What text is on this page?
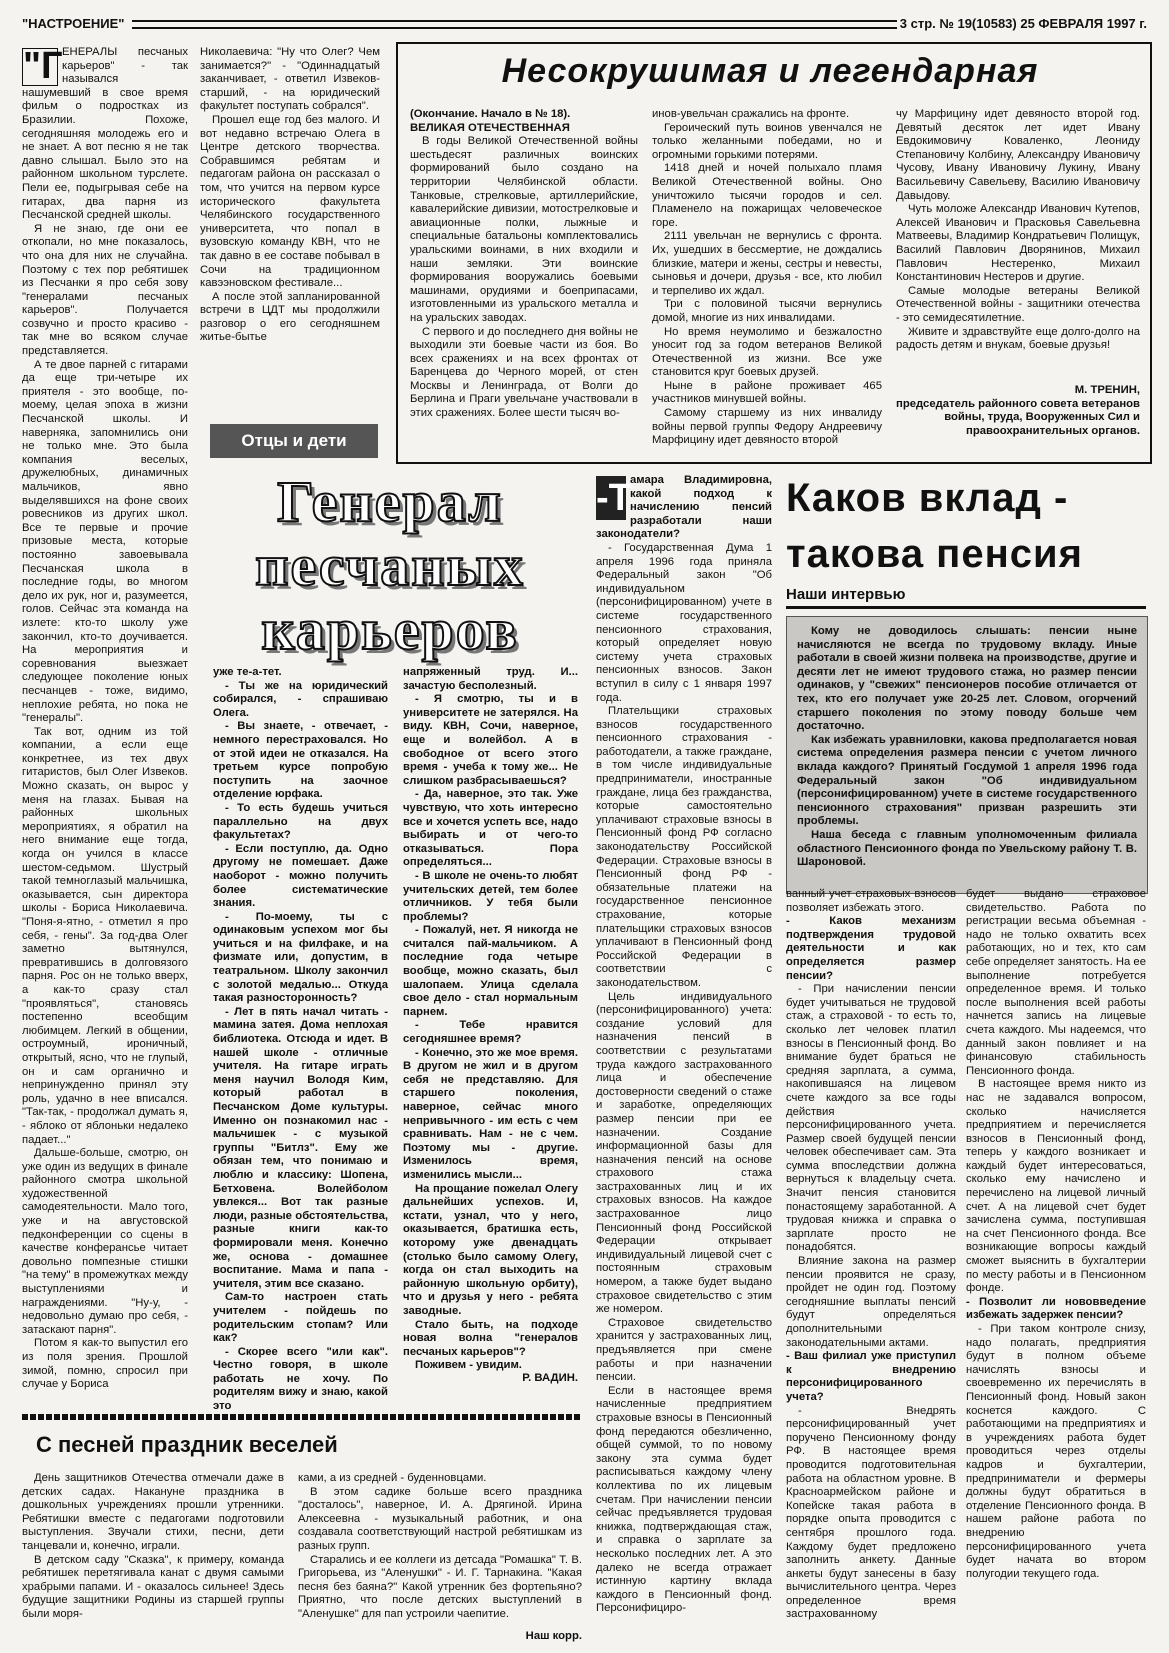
"НАСТРОЕНИЕ"	3 стр. № 19(10583) 25 ФЕВРАЛЯ 1997 г.

"Г ЕНЕРАЛЫ песчаных карьеров" - так назывался нашумевший в свое время фильм о подростках из Бразилии. Похоже, сегодняшняя молодежь его и не знает. А вот песню я не так давно слышал. Было это на районном школьном турслете. Пели ее, подыгрывая себе на гитарах, два парня из Песчанской средней школы.

Я не знаю, где они ее откопали, но мне показалось, что она для них не случайна. Поэтому с тех пор ребятишек из Песчанки я про себя зову "генералами песчаных карьеров". Получается созвучно и просто красиво - так мне во всяком случае представляется.

А те двое парней с гитарами да еще три-четыре их приятеля - это вообще, по-моему, целая эпоха в жизни Песчанской школы. И наверняка, запомнились они не только мне. Это была компания веселых, дружелюбных, динамичных мальчиков, явно выделявшихся на фоне своих ровесников из других школ. Все те первые и прочие призовые места, которые постоянно завоевывала Песчанская школа в последние годы, во многом дело их рук, ног и, разумеется, голов. Сейчас эта команда на излете: кто-то школу уже закончил, кто-то доучивается. На мероприятия и соревнования выезжает следующее поколение юных песчанцев - тоже, видимо, неплохие ребята, но пока не "генералы".

Так вот, одним из той компании, а если еще конкретнее, из тех двух гитаристов, был Олег Извеков. Можно сказать, он вырос у меня на глазах. Бывая на районных школьных мероприятиях, я обратил на него внимание еще тогда, когда он учился в классе шестом-седьмом. Шустрый такой темноглазый мальчишка, оказывается, сын директора школы - Бориса Николаевича. "Поня-я-ятно, - отметил я про себя, - гены". За год-два Олег заметно вытянулся, превратившись в долговязого парня. Рос он не только вверх, а как-то сразу стал "проявляться", становясь постепенно всеобщим любимцем. Легкий в общении, остроумный, ироничный, открытый, ясно, что не глупый, он и сам органично и непринужденно принял эту роль, удачно в нее вписался. "Так-так, - продолжал думать я, - яблоко от яблоньки недалеко падает..."

Дальше-больше, смотрю, он уже один из ведущих в финале районного смотра школьной художественной самодеятельности. Мало того, уже и на августовской педконференции со сцены в качестве конферансье читает довольно помпезные стишки "на тему" в промежутках между выступлениями и награждениями. "Ну-у, - недовольно думаю про себя, - затаскают парня".

Потом я как-то выпустил его из поля зрения. Прошлой зимой, помню, спросил при случае у Бориса

Николаевича: "Ну что Олег? Чем занимается?" - "Одиннадцатый заканчивает, - ответил Извеков-старший, - на юридический факультет поступать собрался".

Прошел еще год без малого. И вот недавно встречаю Олега в Центре детского творчества. Собравшимся ребятам и педагогам района он рассказал о том, что учится на первом курсе исторического факультета Челябинского государственного университета, что попал в вузовскую команду КВН, что не так давно в ее составе побывал в Сочи на традиционном кавээновском фестивале...

А после этой запланированной встречи в ЦДТ мы продолжили разговор о его сегодняшнем житье-бытье

Отцы и дети
Генерал
песчаных
карьеров

уже те-а-тет.

- Ты же на юридический собирался, - спрашиваю Олега.

- Вы знаете, - отвечает, - немного перестраховался. Но от этой идеи не отказался. На третьем курсе попробую поступить на заочное отделение юрфака.

- То есть будешь учиться параллельно на двух факультетах?

- Если поступлю, да. Одно другому не помешает. Даже наоборот - можно получить более систематические знания.

- По-моему, ты с одинаковым успехом мог бы учиться и на филфаке, и на физмате или, допустим, в театральном. Школу закончил с золотой медалью... Откуда такая разносторонность?

- Лет в пять начал читать - мамина затея. Дома неплохая библиотека. Отсюда и идет. В нашей школе - отличные учителя. На гитаре играть меня научил Володя Ким, который работал в Песчанском Доме культуры. Именно он познакомил нас - мальчишек - с музыкой группы "Битлз". Ему же обязан тем, что понимаю и люблю и классику: Шопена, Бетховена. Волейболом увлекся... Вот так разные люди, разные обстоятельства, разные книги как-то формировали меня. Конечно же, основа - домашнее воспитание. Мама и папа - учителя, этим все сказано.

Сам-то настроен стать учителем - пойдешь по родительским стопам? Или как?

- Скорее всего "или как". Честно говоря, в школе работать не хочу. По родителям вижу и знаю, какой это

напряженный труд. И... зачастую бесполезный.

- Я смотрю, ты и в университете не затерялся. На виду. КВН, Сочи, наверное, еще и волейбол. А в свободное от всего этого время - учеба к тому же... Не слишком разбрасываешься?

- Да, наверное, это так. Уже чувствую, что хоть интересно все и хочется успеть все, надо выбирать и от чего-то отказываться. Пора определяться...

- В школе не очень-то любят учительских детей, тем более отличников. У тебя были проблемы?

- Пожалуй, нет. Я никогда не считался пай-мальчиком. А последние года четыре вообще, можно сказать, был шалопаем. Улица сделала свое дело - стал нормальным парнем.

- Тебе нравится сегодняшнее время?

- Конечно, это же мое время. В другом не жил и в другом себя не представляю. Для старшего поколения, наверное, сейчас много непривычного - им есть с чем сравнивать. Нам - не с чем. Поэтому мы - другие. Изменилось время, изменились мысли...

На прощание пожелал Олегу дальнейших успехов. И, кстати, узнал, что у него, оказывается, братишка есть, которому уже двенадцать (столько было самому Олегу, когда он стал выходить на районную школьную орбиту), что и друзья у него - ребята заводные.

Стало быть, на подходе новая волна "генералов песчаных карьеров"?

Поживем - увидим.

Р. ВАДИН.
Несокрушимая и легендарная

(Окончание. Начало в № 18).

ВЕЛИКАЯ ОТЕЧЕСТВЕННАЯ

В годы Великой Отечественной войны шестьдесят различных воинских формирований было создано на территории Челябинской области. Танковые, стрелковые, артиллерийские, кавалерийские дивизии, мотострелковые и авиационные полки, лыжные и специальные батальоны комплектовались уральскими воинами, в них входили и наши земляки. Эти воинские формирования вооружались боевыми машинами, орудиями и боеприпасами, изготовленными из уральского металла и на уральских заводах.

С первого и до последнего дня войны не выходили эти боевые части из боя. Во всех сражениях и на всех фронтах от Баренцева до Черного морей, от стен Москвы и Ленинграда, от Волги до Берлина и Праги увельчане участвовали в этих сражениях. Более шести тысяч во-

инов-увельчан сражались на фронте.

Героический путь воинов увенчался не только желанными победами, но и огромными горькими потерями.

1418 дней и ночей полыхало пламя Великой Отечественной войны. Оно уничтожило тысячи городов и сел. Пламенело на пожарищах человеческое горе.

2111 увельчан не вернулись с фронта. Их, ушедших в бессмертие, не дождались близкие, матери и жены, сестры и невесты, сыновья и дочери, друзья - все, кто любил и терпеливо их ждал.

Три с половиной тысячи вернулись домой, многие из них инвалидами.

Но время неумолимо и безжалостно уносит год за годом ветеранов Великой Отечественной из жизни. Все уже становится круг боевых друзей.

Ныне в районе проживает 465 участников минувшей войны.

Самому старшему из них инвалиду войны первой группы Федору Андреевичу Марфицину идет девяносто второй

чу Марфицину идет девяносто второй год. Девятый десяток лет идет Ивану Евдокимовичу Коваленко, Леониду Степановичу Колбину, Александру Ивановичу Чусову, Ивану Ивановичу Лукину, Ивану Васильевичу Савельеву, Василию Ивановичу Давыдову.

Чуть моложе Александр Иванович Кутепов, Алексей Иванович и Прасковья Савельевна Матвеевы, Владимир Кондратьевич Полищук, Василий Павлович Дворянинов, Михаил Павлович Нестеренко, Михаил Константинович Нестеров и другие.

Самые молодые ветераны Великой Отечественной войны - защитники отечества - это семидесятилетние.

Живите и здравствуйте еще долго-долго на радость детям и внукам, боевые друзья!

М. ТРЕНИН,
председатель районного совета ветеранов войны, труда, Вооруженных Сил и правоохранительных органов.
Каков вклад -
такова пенсия
Наши интервью

Кому не доводилось слышать: пенсии ныне начисляются не всегда по трудовому вкладу. Иные работали в своей жизни полвека на производстве, другие и десяти лет не имеют трудового стажа, но размер пенсии одинаков, у "свежих" пенсионеров пособие отличается от тех, кто его получает уже 20-25 лет. Словом, огорчений старшего поколения по этому поводу больше чем достаточно.

Как избежать уравниловки, какова предполагается новая система определения размера пенсии с учетом личного вклада каждого? Принятый Госдумой 1 апреля 1996 года Федеральный закон "Об индивидуальном (персонифицированном) учете в системе государственного пенсионного страхования" призван разрешить эти проблемы.

Наша беседа с главным уполномоченным филиала областного Пенсионного фонда по Увельскому району Т. В. Шароновой.

-Т
амара Владимировна, какой подход к начислению пенсий разработали наши законодатели?

- Государственная Дума 1 апреля 1996 года приняла Федеральный закон "Об индивидуальном (персонифицированном) учете в системе государственного пенсионного страхования, который определяет новую систему учета страховых пенсионных взносов. Закон вступил в силу с 1 января 1997 года.

Плательщики страховых взносов государственного пенсионного страхования - работодатели, а также граждане, в том числе индивидуальные предприниматели, иностранные граждане, лица без гражданства, которые самостоятельно уплачивают страховые взносы в Пенсионный фонд РФ согласно законодательству Российской Федерации. Страховые взносы в Пенсионный фонд РФ - обязательные платежи на государственное пенсионное страхование, которые плательщики страховых взносов уплачивают в Пенсионный фонд Российской Федерации в соответствии с законодательством.

Цель индивидуального (персонифицированного) учета: создание условий для назначения пенсий в соответствии с результатами труда каждого застрахованного лица и обеспечение достоверности сведений о стаже и заработке, определяющих размер пенсии при ее назначении. Создание информационной базы для назначения пенсий на основе страхового стажа застрахованных лиц и их страховых взносов. На каждое застрахованное лицо Пенсионный фонд Российской Федерации открывает индивидуальный лицевой счет с постоянным страховым номером, а также будет выдано страховое свидетельство с этим же номером.

Страховое свидетельство хранится у застрахованных лиц, предъявляется при смене работы и при назначении пенсии.

Если в настоящее время начисленные предприятием страховые взносы в Пенсионный фонд передаются обезличенно, общей суммой, то по новому закону эта сумма будет расписываться каждому члену коллектива по их лицевым счетам. При начислении пенсии сейчас предъявляется трудовая книжка, подтверждающая стаж, и справка о зарплате за несколько последних лет. А это далеко не всегда отражает истинную картину вклада каждого в Пенсионный фонд. Персонифициро-

ванный учет страховых взносов позволяет избежать этого.

- Каков механизм подтверждения трудовой деятельности и как определяется размер пенсии?

- При начислении пенсии будет учитываться не трудовой стаж, а страховой - то есть то, сколько лет человек платил взносы в Пенсионный фонд. Во внимание будет браться не средняя зарплата, а сумма, накопившаяся на лицевом счете каждого за все годы действия персонифицированного учета. Размер своей будущей пенсии человек обеспечивает сам. Эта сумма впоследствии должна вернуться к владельцу счета. Значит пенсия становится понастоящему заработанной. А трудовая книжка и справка о зарплате просто не понадобятся.

Влияние закона на размер пенсии проявится не сразу, пройдет не один год. Поэтому сегодняшние выплаты пенсий будут определяться дополнительными законодательными актами.

- Ваш филиал уже приступил к внедрению персонифицированного учета?

- Внедрять персонифицированный учет поручено Пенсионному фонду РФ. В настоящее время проводится подготовительная работа на областном уровне. В Красноармейском районе и Копейске такая работа в порядке опыта проводится с сентября прошлого года. Каждому будет предложено заполнить анкету. Данные анкеты будут занесены в базу вычислительного центра. Через определенное время застрахованному

будет выдано страховое свидетельство. Работа по регистрации весьма объемная - надо не только охватить всех работающих, но и тех, кто сам себе определяет занятость. На ее выполнение потребуется определенное время. И только после выполнения всей работы начнется запись на лицевые счета каждого. Мы надеемся, что данный закон повлияет и на финансовую стабильность Пенсионного фонда.

В настоящее время никто из нас не задавался вопросом, сколько начисляется предприятием и перечисляется взносов в Пенсионный фонд, теперь у каждого возникает и каждый будет интересоваться, сколько ему начислено и перечислено на лицевой личный счет. А на лицевой счет будет зачислена сумма, поступившая на счет Пенсионного фонда. Все возникающие вопросы каждый сможет выяснить в бухгалтерии по месту работы и в Пенсионном фонде.

- Позволит ли нововведение избежать задержек пенсии?

- При таком контроле снизу, надо полагать, предприятия будут в полном объеме начислять взносы и своевременно их перечислять в Пенсионный фонд. Новый закон коснется каждого. С работающими на предприятиях и в учреждениях работа будет проводиться через отделы кадров и бухгалтерии, предприниматели и фермеры должны будут обратиться в отделение Пенсионного фонда. В нашем районе работа по внедрению персонифицированного учета будет начата во втором полугодии текущего года.

С песней праздник веселей

День защитников Отечества отмечали даже в детских садах. Накануне праздника в дошкольных учреждениях прошли утренники. Ребятишки вместе с педагогами подготовили выступления. Звучали стихи, песни, дети танцевали и, конечно, играли.

В детском саду "Сказка", к примеру, команда ребятишек перетягивала канат с двумя самыми храбрыми папами. И - оказалось сильнее! Здесь будущие защитники Родины из старшей группы были моря-

ками, а из средней - буденновцами.

В этом садике больше всего праздника "досталось", наверное, И. А. Дрягиной. Ирина Алексеевна - музыкальный работник, и она создавала соответствующий настрой ребятишкам из разных групп.

Старались и ее коллеги из детсада "Ромашка" Т. В. Григорьева, из "Аленушки" - И. Г. Тарнакина. "Какая песня без баяна?" Какой утренник без фортепьяно? Приятно, что после детских выступлений в "Аленушке" для пап устроили чаепитие.

Наш корр.
